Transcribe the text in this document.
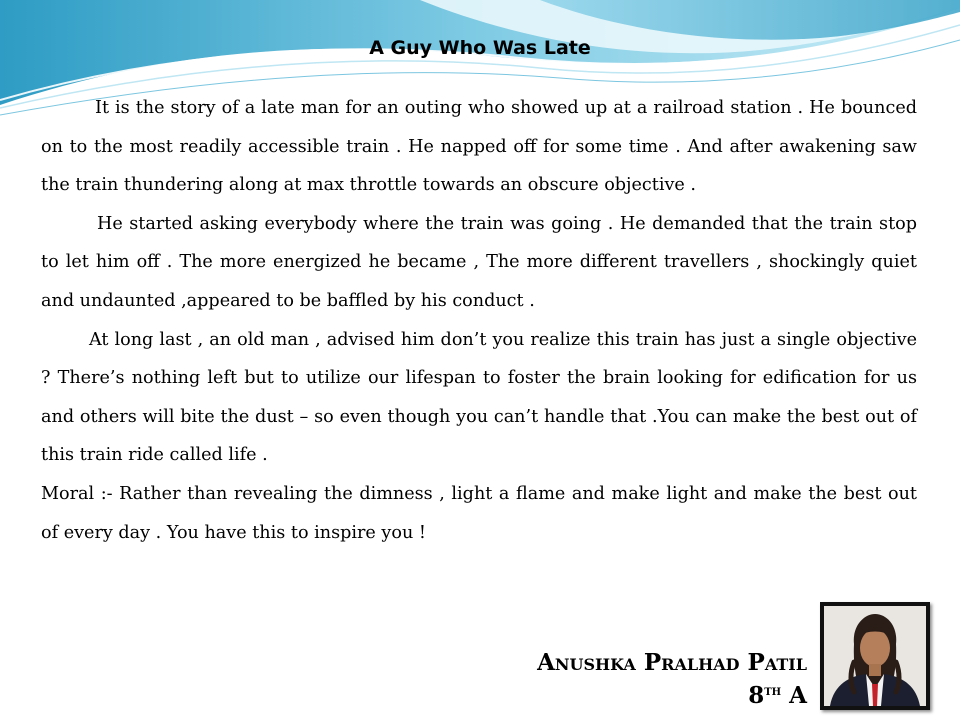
A Guy Who Was Late

It is the story of a late man for an outing who showed up at a railroad station . He bounced on to the most readily accessible train . He napped off for some time . And after awakening saw the train thundering along at max throttle towards an obscure objective .

He started asking everybody where the train was going . He demanded that the train stop to let him off . The more energized he became , The more different travellers , shockingly quiet and undaunted ,appeared to be baffled by his conduct .

At long last , an old man , advised him don’t you realize this train has just a single objective ? There’s nothing left but to utilize our lifespan to foster the brain looking for edification for us and others will bite the dust – so even though you can’t handle that .You can make the best out of this train ride called life .

Moral :- Rather than revealing the dimness , light a flame and make light and make the best out of every day . You have this to inspire you !

Anushka Pralhad Patil
8th A
